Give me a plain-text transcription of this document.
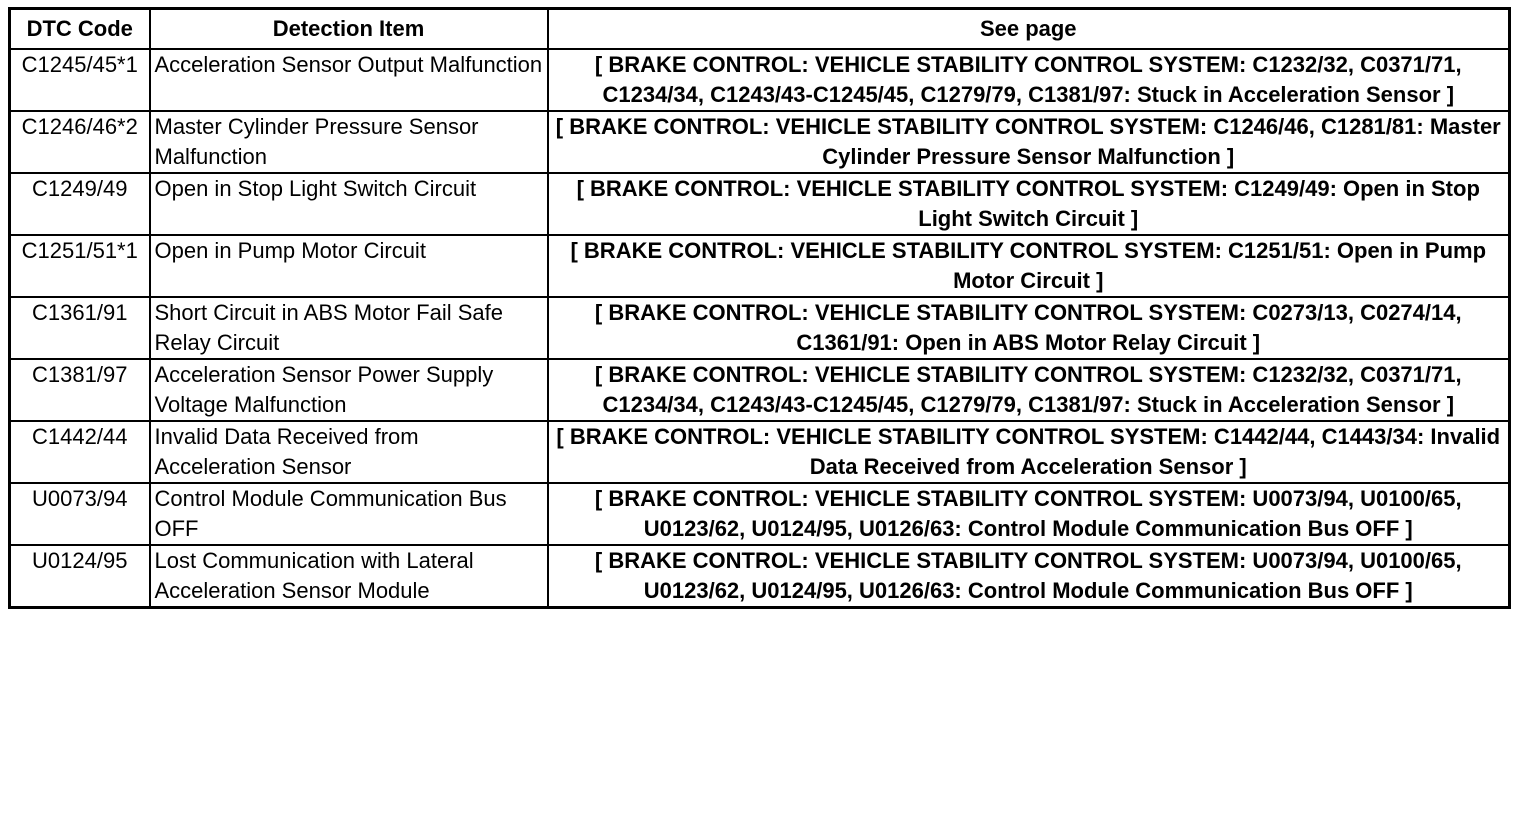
DTC Code	Detection Item	See page
C1245/45*1	Acceleration Sensor Output Malfunction	[ BRAKE CONTROL: VEHICLE STABILITY CONTROL SYSTEM: C1232/32, C0371/71, C1234/34, C1243/43-C1245/45, C1279/79, C1381/97: Stuck in Acceleration Sensor ]
C1246/46*2	Master Cylinder Pressure Sensor Malfunction	[ BRAKE CONTROL: VEHICLE STABILITY CONTROL SYSTEM: C1246/46, C1281/81: Master Cylinder Pressure Sensor Malfunction ]
C1249/49	Open in Stop Light Switch Circuit	[ BRAKE CONTROL: VEHICLE STABILITY CONTROL SYSTEM: C1249/49: Open in Stop Light Switch Circuit ]
C1251/51*1	Open in Pump Motor Circuit	[ BRAKE CONTROL: VEHICLE STABILITY CONTROL SYSTEM: C1251/51: Open in Pump Motor Circuit ]
C1361/91	Short Circuit in ABS Motor Fail Safe Relay Circuit	[ BRAKE CONTROL: VEHICLE STABILITY CONTROL SYSTEM: C0273/13, C0274/14, C1361/91: Open in ABS Motor Relay Circuit ]
C1381/97	Acceleration Sensor Power Supply Voltage Malfunction	[ BRAKE CONTROL: VEHICLE STABILITY CONTROL SYSTEM: C1232/32, C0371/71, C1234/34, C1243/43-C1245/45, C1279/79, C1381/97: Stuck in Acceleration Sensor ]
C1442/44	Invalid Data Received from Acceleration Sensor	[ BRAKE CONTROL: VEHICLE STABILITY CONTROL SYSTEM: C1442/44, C1443/34: Invalid Data Received from Acceleration Sensor ]
U0073/94	Control Module Communication Bus OFF	[ BRAKE CONTROL: VEHICLE STABILITY CONTROL SYSTEM: U0073/94, U0100/65, U0123/62, U0124/95, U0126/63: Control Module Communication Bus OFF ]
U0124/95	Lost Communication with Lateral Acceleration Sensor Module	[ BRAKE CONTROL: VEHICLE STABILITY CONTROL SYSTEM: U0073/94, U0100/65, U0123/62, U0124/95, U0126/63: Control Module Communication Bus OFF ]
